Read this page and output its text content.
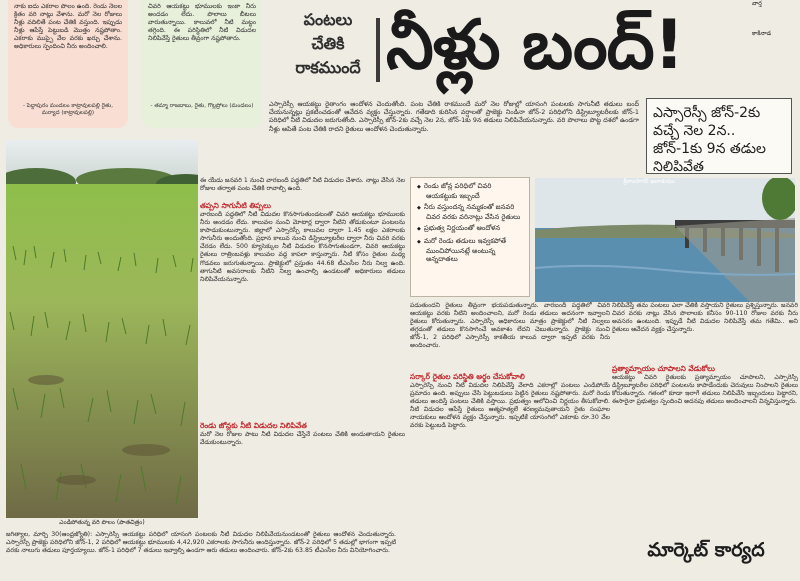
నాకు ఐదు ఎకరాల పొలం ఉంది. రెండు నెలల క్రితం వరి నాట్లు వేశాను. మరో నెల రోజులు నీళ్లు వదిలితే పంట చేతికి వస్తుంది. ఇప్పుడు నీళ్లు ఆపేస్తే పెట్టుబడి మొత్తం నష్టపోతాం. ఎకరాకు ముప్పై వేల వరకు ఖర్చు చేశాను. అధికారులు స్పందించి నీరు అందించాలి.
- పెద్దాపురం మండలం కాట్రావులపల్లి రైతు, మర్యాద (కాట్రావులపల్లి)
చివరి ఆయకట్టు భూములకు ఇంకా నీరు అందడం లేదు. పొలాలు బీటలు వారుతున్నాయి. కాలువలో నీటి మట్టం తగ్గింది. ఈ పరిస్థితిలో నీటి విడుదల నిలిపివేస్తే రైతులు తీవ్రంగా నష్టపోతారు.
- తమ్మా రాజబాబు, రైతు, గొల్లప్రోలు (మండలం)
పంటలు
చేతికి
రాకముందే నీళ్లు బంద్!
వార్త
కాకినాడ
ఎస్సారెస్సీ ఆయకట్టు రైతాంగం ఆందోళన చెందుతోంది. పంట చేతికి రాకముందే మరో నెల రోజుల్లో యాసంగి పంటలకు సాగునీటి తడులు బంద్ చేయనున్నట్లు ప్రకటించడంతో ఆవేదన వ్యక్తం చేస్తున్నారు. గతేడాది కురిసిన వర్షాలతో ప్రాజెక్టు నిండినా జోన్-2 పరిధిలోని డిస్ట్రిబ్యూటరీలకు జోన్-1 పరిధిలో నీటి విడుదల జరుగుతోంది. ఎస్సారెస్సీ జోన్-2కు వచ్చే నెల 2న, జోన్-1కు 9న తడులు నిలిపివేయనున్నారు. వరి పొలాలు పొట్ట దశలో ఉండగా నీళ్లు ఆపితే పంట చేతికి రాదని రైతులు ఆందోళన చెందుతున్నారు.
ఎస్సారెస్సీ జోన్-2కు వచ్చే నెల 2న.. జోన్-1కు 9న తడుల నిలిపివేత
ఎండిపోతున్న వరి పొలం (పాతచిత్రం)
జగిత్యాల, మార్చి 30(ఆంధ్రజ్యోతి): ఎస్సారెస్సీ ఆయకట్టు పరిధిలో యాసంగి పంటలకు నీటి విడుదల నిలిపివేయనుండటంతో రైతులు ఆందోళన చెందుతున్నారు. ఎస్సారెస్సీ ప్రాజెక్టు పరిధిలోని జోన్-1, 2 పరిధిలో ఆయకట్టు భూములకు 4,42,920 ఎకరాలకు సాగునీరు అందిస్తున్నారు. జోన్-2 పరిధిలో 5 తడుల్లో భాగంగా ఇప్పటి వరకు నాలుగు తడులు పూర్తయ్యాయి. జోన్-1 పరిధిలో 7 తడులు ఇవ్వాల్సి ఉండగా ఆరు తడులు అందించారు. జోన్-2కు 63.85 టీఎంసీల నీరు వినియోగించారు.
ఈ యేడు జనవరి 1 నుంచి వారబందీ పద్ధతిలో నీటి విడుదల చేశారు. నాట్లు వేసిన నెల రోజుల తర్వాత పంట చేతికి రావాల్సి ఉంది.
తప్పని సాగునీటి తిప్పలు
వారబందీ పద్ధతిలో నీటి విడుదల కొనసాగుతుండటంతో చివరి ఆయకట్టు భూములకు నీరు అందడం లేదు. కాలువల నుంచి మోటార్ల ద్వారా నీటిని తోడుకుంటూ పంటలను కాపాడుకుంటున్నారు. జిల్లాలో ఎస్సారెస్సీ కాలువల ద్వారా 1.45 లక్షల ఎకరాలకు సాగునీరు అందుతోంది. ప్రధాన కాలువ నుంచి డిస్ట్రిబ్యూటరీల ద్వారా నీరు చివరి వరకు చేరడం లేదు. 500 క్యూసెక్కుల నీటి విడుదల కొనసాగుతుండగా, చివరి ఆయకట్టు రైతులు రాత్రింబవళ్లు కాలువల వద్ద కాపలా కాస్తున్నారు. నీటి కోసం రైతుల మధ్య గొడవలు జరుగుతున్నాయి. ప్రాజెక్టులో ప్రస్తుతం 44.68 టీఎంసీల నీరు నిల్వ ఉంది. తాగునీటి అవసరాలకు నీటిని నిల్వ ఉంచాల్సి ఉండటంతో అధికారులు తడులు నిలిపివేయనున్నారు.
రెండు జోన్లకు నీటి విడుదల నిలిపివేత
మరో నెల రోజుల పాటు నీటి విడుదల చేస్తేనే పంటలు చేతికి అందుతాయని రైతులు వేడుకుంటున్నారు.
◆ రెండు జోన్ల పరిధిలో చివరి ఆయకట్టుకు ఇబ్బందే
◆ నీరు వస్తుందన్న నమ్మకంతో జనవరి చివర వరకు వరినాట్లు వేసిన రైతులు
◆ ప్రభుత్వ నిర్ణయంతో ఆందోళన
◆ మరో రెండు తడులు ఇవ్వకపోతే ముంచిపోయినట్లే అంటున్న అన్నదాతలు
శ్రీరాంసాగర్ జలాశయం
పడుతుందని రైతులు తీవ్రంగా భయపడుతున్నారు. వారబందీ పద్ధతిలో చివరి ఆయకట్టు వరకు నీటిని అందించాలని, మరో రెండు తడులు అదనంగా ఇవ్వాలని రైతులు కోరుతున్నారు. ఎస్సారెస్సీ అధికారులు మాత్రం ప్రాజెక్టులో నీటి నిల్వలు తగ్గడంతో తడులు కొనసాగించే అవకాశం లేదని చెబుతున్నారు. ప్రాజెక్టు నుంచి జోన్-1, 2 పరిధిలో ఎస్సారెస్సీ కాకతీయ కాలువ ద్వారా ఇప్పటి వరకు నీరు అందించారు.
సర్కార్ రైతుల పరిస్థితి అర్థం చేసుకోవాలి
ఎస్సారెస్సీ నుంచి నీటి విడుదల నిలిపివేస్తే వేలాది ఎకరాల్లో పంటలు ఎండిపోయే ప్రమాదం ఉంది. అప్పులు చేసి పెట్టుబడులు పెట్టిన రైతులు నష్టపోతారు. మరో రెండు తడులు అందిస్తే పంటలు చేతికి వస్తాయి. ప్రభుత్వం ఆలోచించి నిర్ణయం తీసుకోవాలి. నీటి విడుదల ఆపేస్తే రైతులు ఆత్మహత్యలే శరణ్యమవుతాయని రైతు సంఘాల నాయకులు ఆందోళన వ్యక్తం చేస్తున్నారు. ఇప్పటికే యాసంగిలో ఎకరాకు రూ.30 వేల వరకు పెట్టుబడి పెట్టారు.
నిలిపివేస్తే తమ పంటలు ఎలా చేతికి వస్తాయని రైతులు ప్రశ్నిస్తున్నారు. జనవరి చివర వరకు నాట్లు వేసిన పొలాలకు కనీసం 90-110 రోజుల వరకు నీరు అవసరం ఉంటుంది. ఇప్పుడే నీటి విడుదల నిలిపివేస్తే తమ గతేమి.. అని రైతులు ఆవేదన వ్యక్తం చేస్తున్నారు.
ప్రత్యామ్నాయం చూపాలని వేడుకోలు
ఆయకట్టు చివరి రైతులకు ప్రత్యామ్నాయం చూపాలని, ఎస్సారెస్సీ డిస్ట్రిబ్యూటరీల పరిధిలో పంటలను కాపాడేందుకు చెరువులు నింపాలని రైతులు కోరుతున్నారు. గతంలో కూడా ఇలాగే తడులు నిలిపివేసి ఇబ్బందులు పెట్టారని, ఈసారైనా ప్రభుత్వం స్పందించి అదనపు తడులు అందించాలని విన్నవిస్తున్నారు.
మార్కెట్ కార్యద
